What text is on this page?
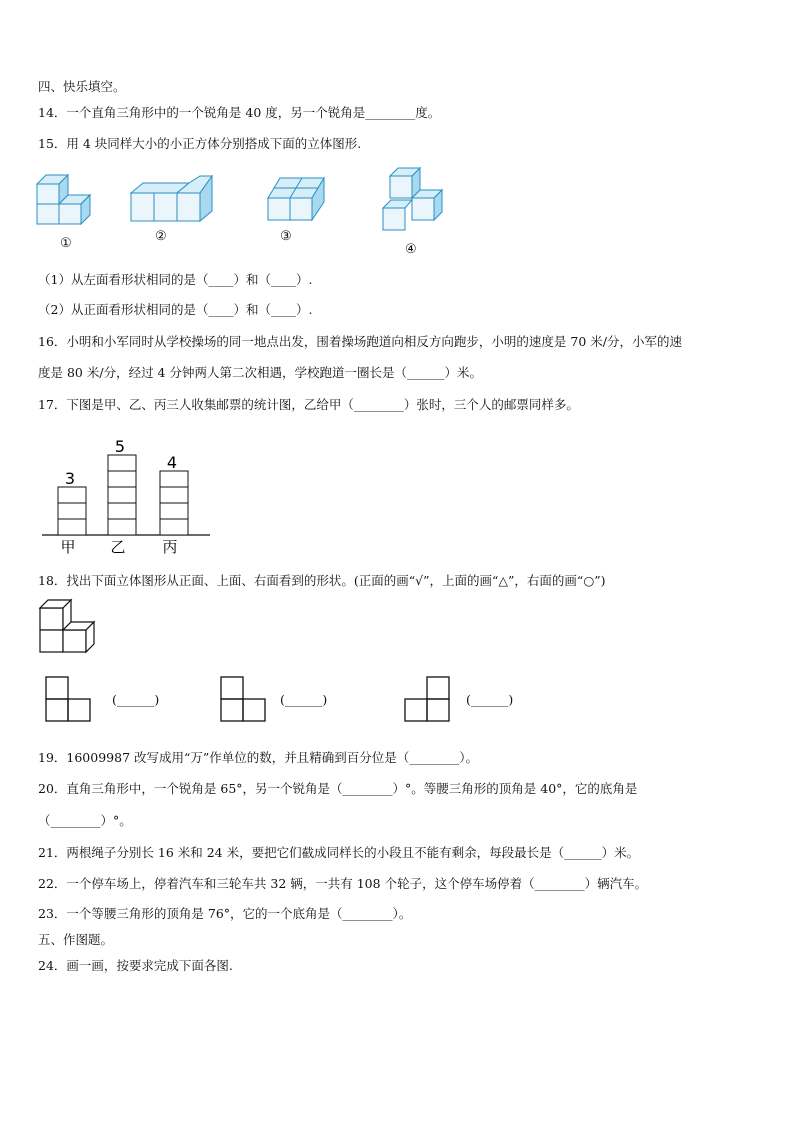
四、快乐填空。
14．一个直角三角形中的一个锐角是 40 度，另一个锐角是________度。
15．用 4 块同样大小的小正方体分别搭成下面的立体图形.
①	②	③
④
（1）从左面看形状相同的是（____）和（____）.
（2）从正面看形状相同的是（____）和（____）.
16．小明和小军同时从学校操场的同一地点出发，围着操场跑道向相反方向跑步，小明的速度是 70 米/分，小军的速
度是 80 米/分，经过 4 分钟两人第二次相遇，学校跑道一圈长是（______）米。
17．下图是甲、乙、丙三人收集邮票的统计图，乙给甲（________）张时，三个人的邮票同样多。
3
甲
5
乙
4
丙
18．找出下面立体图形从正面、上面、右面看到的形状。(正面的画“√”，上面的画“△”，右面的画“○”)
(______)	(______)	(______)
19．16009987 改写成用“万”作单位的数，并且精确到百分位是（________）。
20．直角三角形中，一个锐角是 65°，另一个锐角是（________）°。等腰三角形的顶角是 40°，它的底角是
（________）°。
21．两根绳子分别长 16 米和 24 米，要把它们截成同样长的小段且不能有剩余，每段最长是（______）米。
22．一个停车场上，停着汽车和三轮车共 32 辆，一共有 108 个轮子，这个停车场停着（________）辆汽车。
23．一个等腰三角形的顶角是 76°，它的一个底角是（________）。
五、作图题。
24．画一画，按要求完成下面各图.
